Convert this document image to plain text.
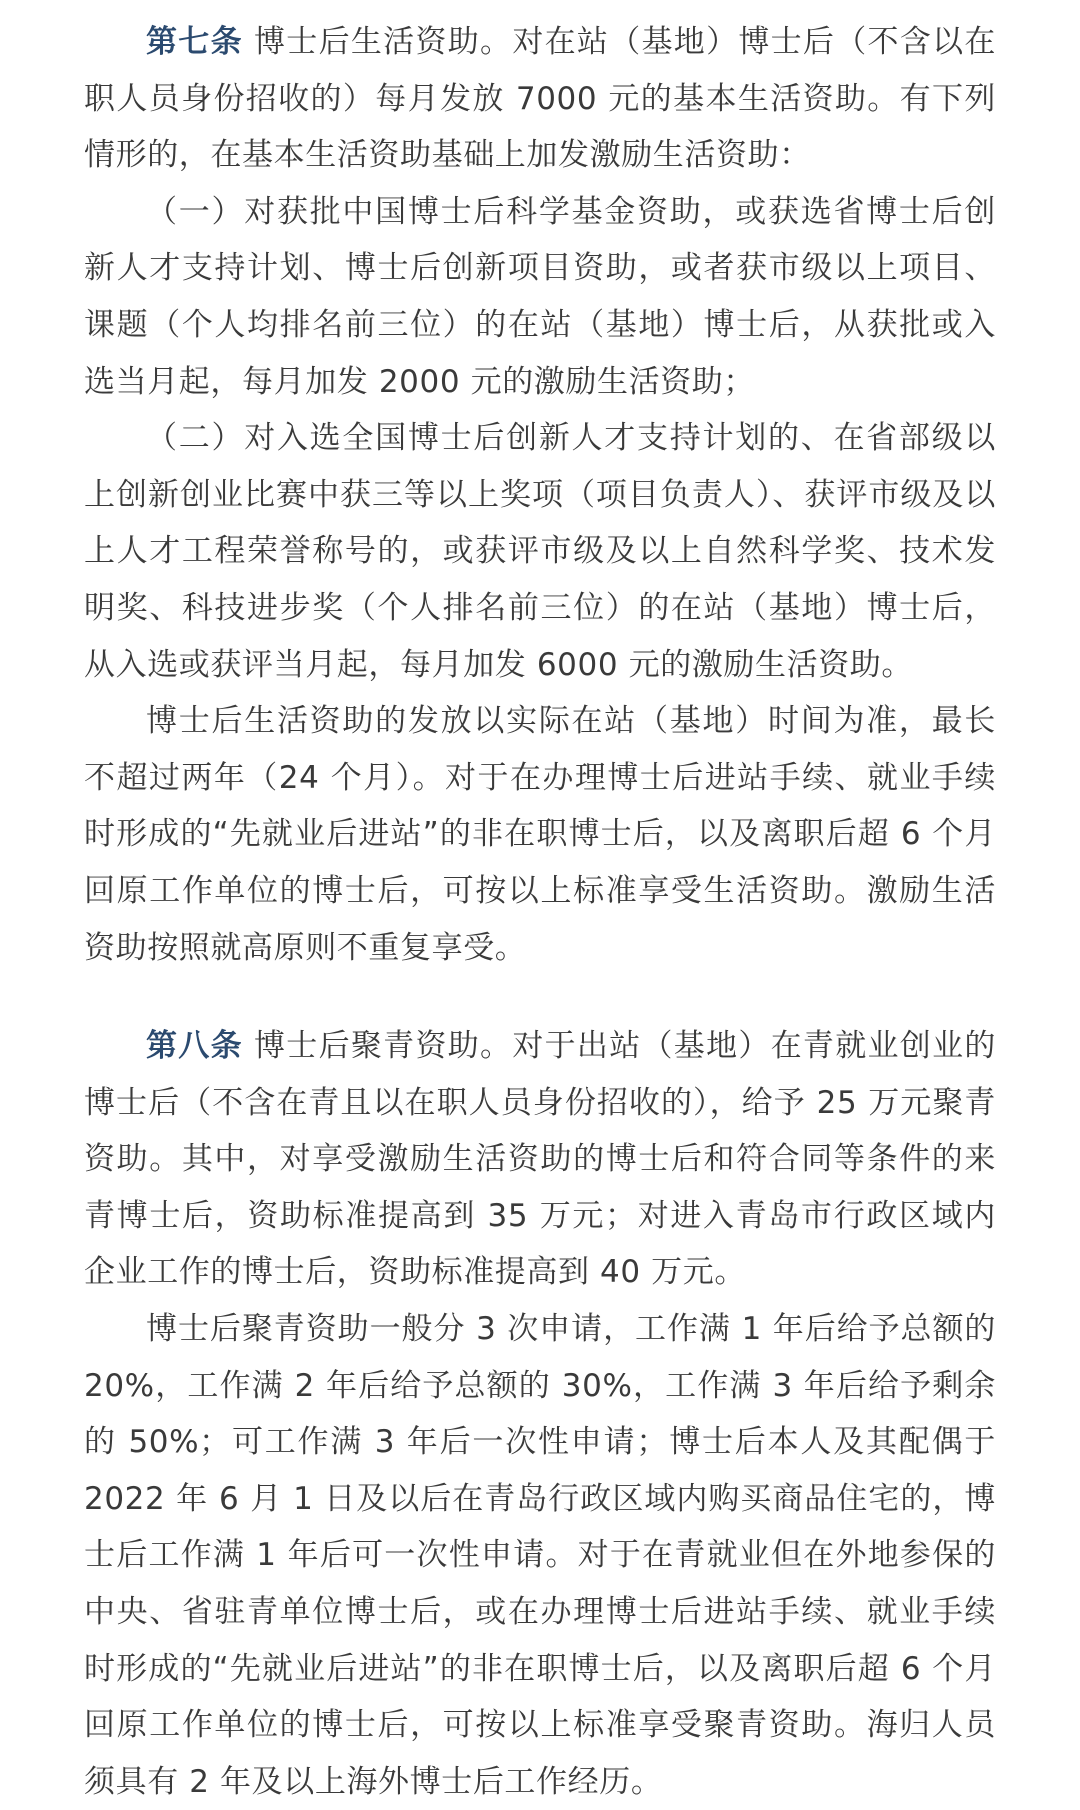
第七条 博士后生活资助。对在站（基地）博士后（不含以在职人员身份招收的）每月发放 7000 元的基本生活资助。有下列情形的，在基本生活资助基础上加发激励生活资助：

（一）对获批中国博士后科学基金资助，或获选省博士后创新人才支持计划、博士后创新项目资助，或者获市级以上项目、课题（个人均排名前三位）的在站（基地）博士后，从获批或入选当月起，每月加发 2000 元的激励生活资助；

（二）对入选全国博士后创新人才支持计划的、在省部级以上创新创业比赛中获三等以上奖项（项目负责人）、获评市级及以上人才工程荣誉称号的，或获评市级及以上自然科学奖、技术发明奖、科技进步奖（个人排名前三位）的在站（基地）博士后，从入选或获评当月起，每月加发 6000 元的激励生活资助。

博士后生活资助的发放以实际在站（基地）时间为准，最长不超过两年（24 个月）。对于在办理博士后进站手续、就业手续时形成的“先就业后进站”的非在职博士后，以及离职后超 6 个月回原工作单位的博士后，可按以上标准享受生活资助。激励生活资助按照就高原则不重复享受。

第八条 博士后聚青资助。对于出站（基地）在青就业创业的博士后（不含在青且以在职人员身份招收的），给予 25 万元聚青资助。其中，对享受激励生活资助的博士后和符合同等条件的来青博士后，资助标准提高到 35 万元；对进入青岛市行政区域内企业工作的博士后，资助标准提高到 40 万元。

博士后聚青资助一般分 3 次申请，工作满 1 年后给予总额的 20%，工作满 2 年后给予总额的 30%，工作满 3 年后给予剩余的 50%；可工作满 3 年后一次性申请；博士后本人及其配偶于 2022 年 6 月 1 日及以后在青岛行政区域内购买商品住宅的，博士后工作满 1 年后可一次性申请。对于在青就业但在外地参保的中央、省驻青单位博士后，或在办理博士后进站手续、就业手续时形成的“先就业后进站”的非在职博士后，以及离职后超 6 个月回原工作单位的博士后，可按以上标准享受聚青资助。海归人员须具有 2 年及以上海外博士后工作经历。
